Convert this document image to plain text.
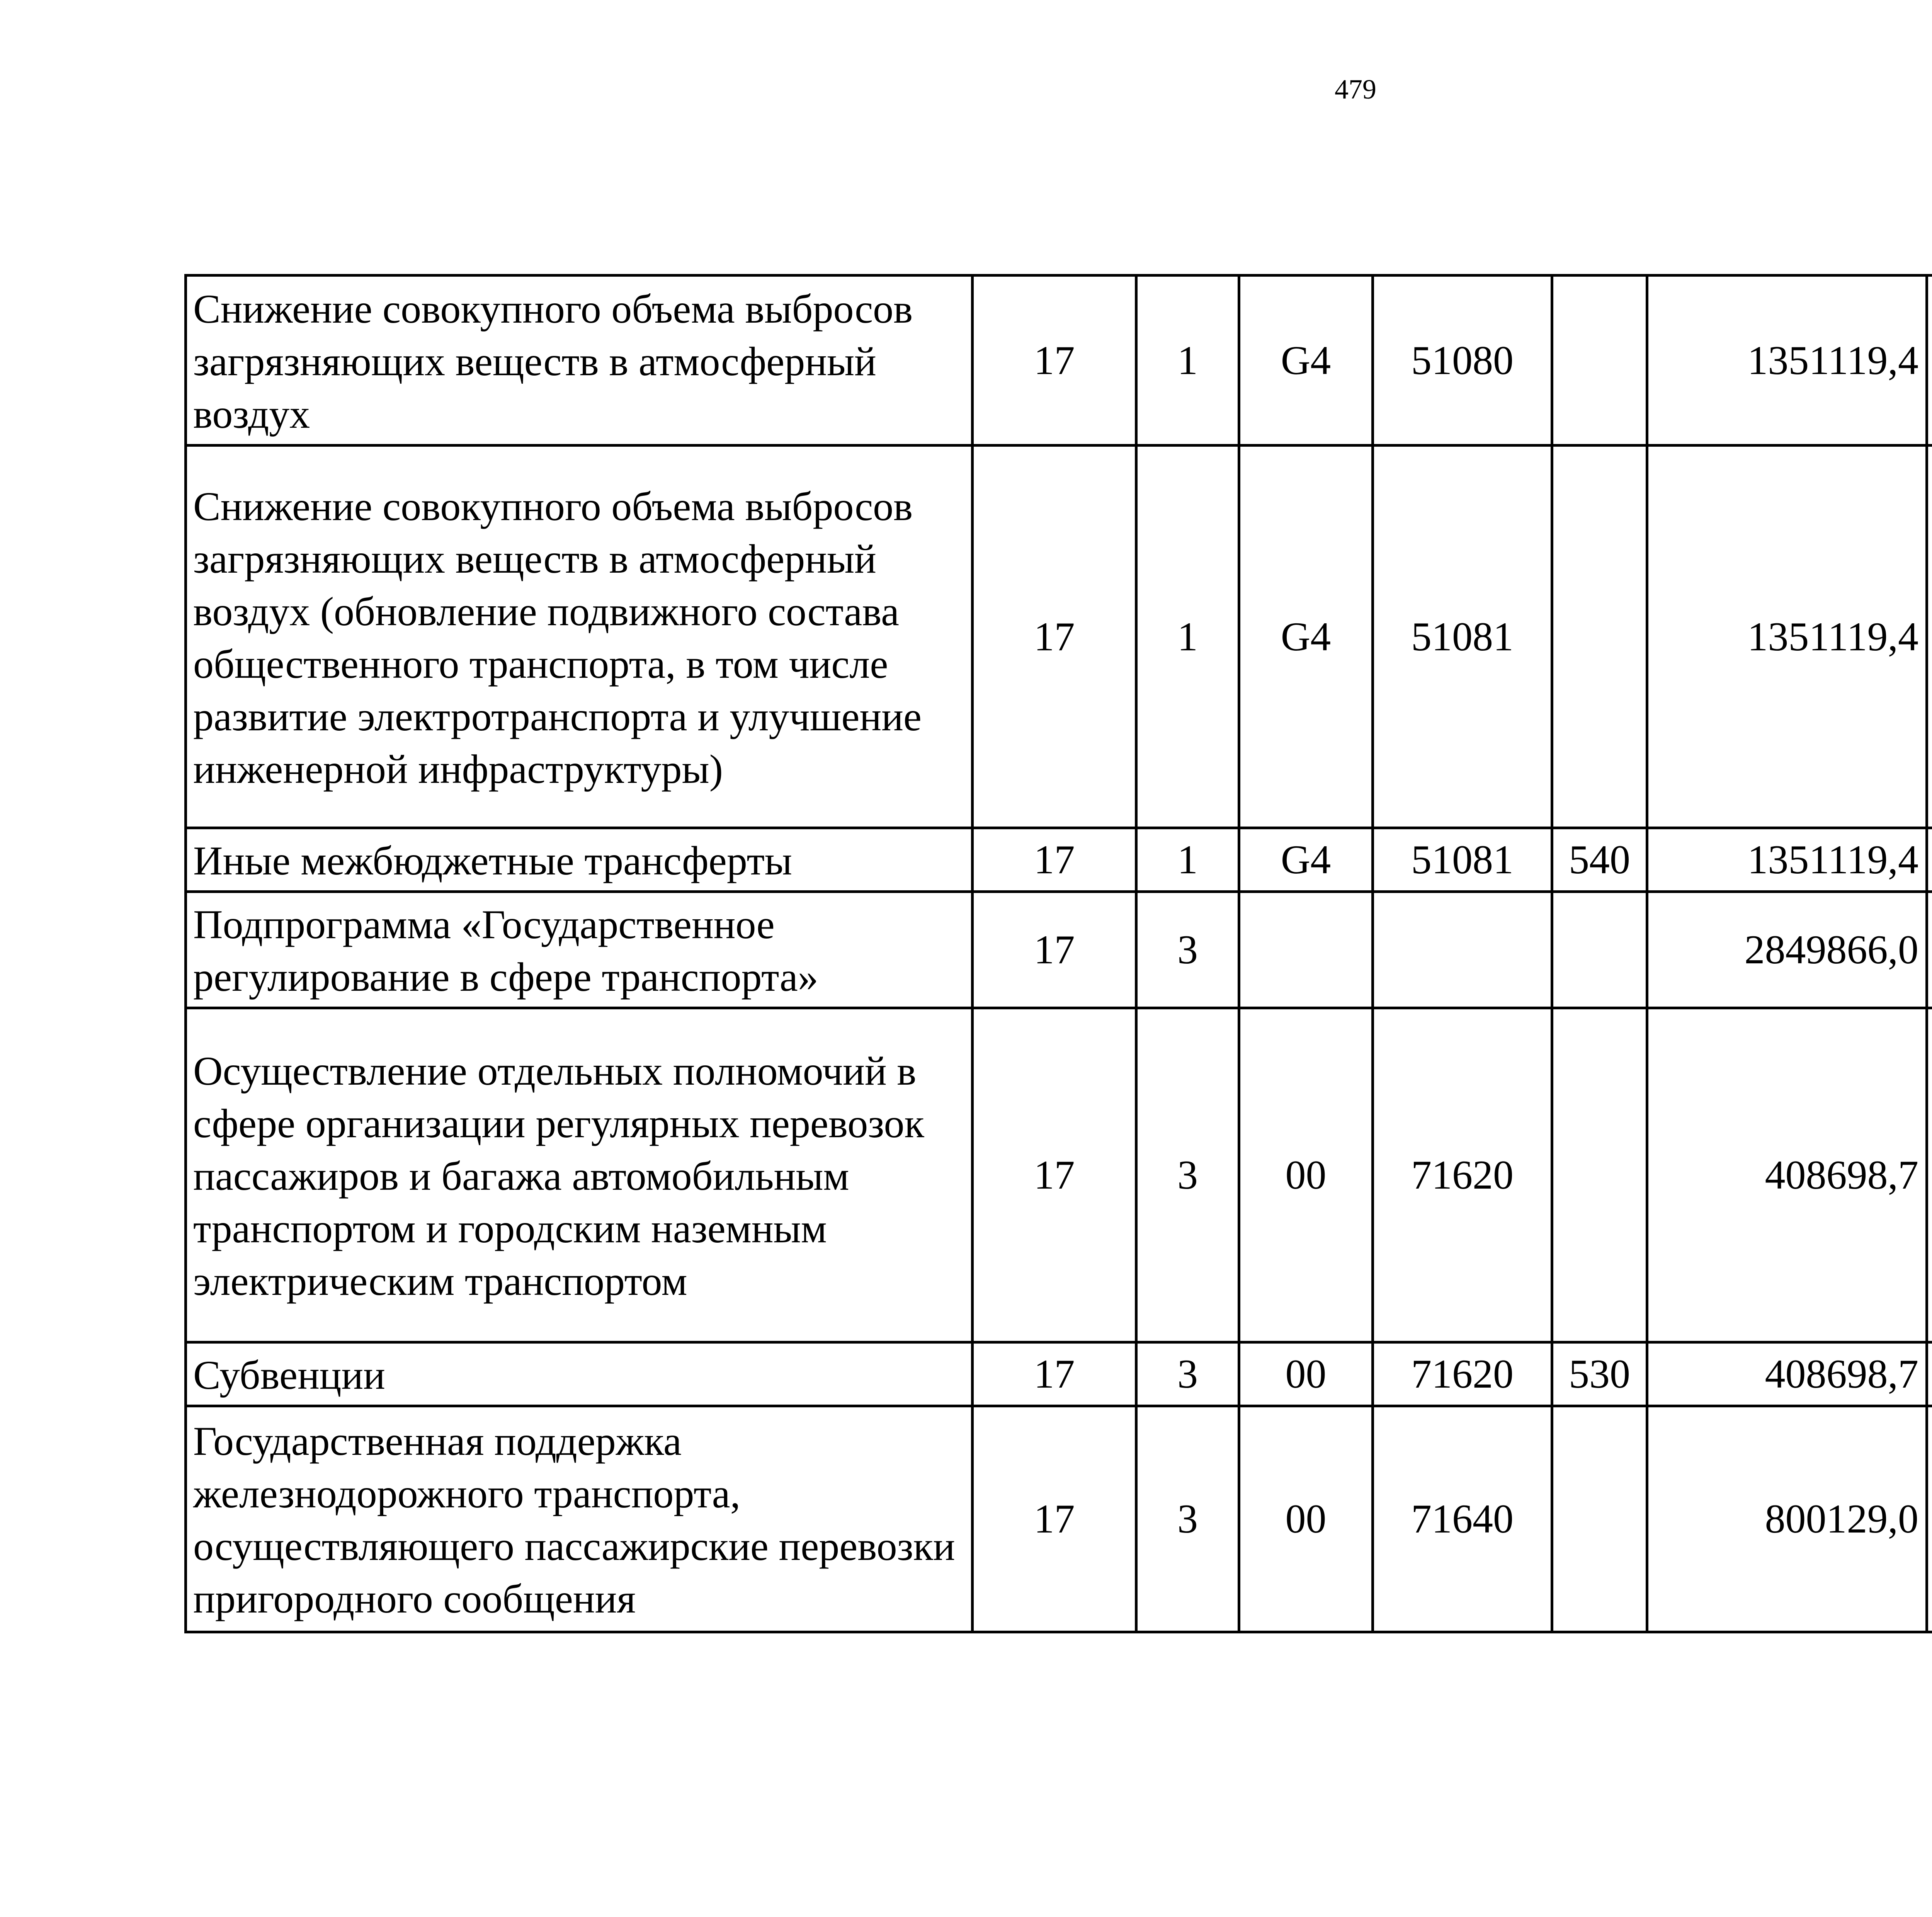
479
Снижение совокупного объема выбросов загрязняющих веществ в атмосферный воздух	17	1	G4	51080		1351119,4		
Снижение совокупного объема выбросов загрязняющих веществ в атмосферный воздух (обновление подвижного состава общественного транспорта, в том числе развитие электротранспорта и улучшение инженерной инфраструктуры)	17	1	G4	51081		1351119,4		
Иные межбюджетные трансферты	17	1	G4	51081	540	1351119,4		
Подпрограмма «Государственное регулирование в сфере транспорта»	17	3				2849866,0		
Осуществление отдельных полномочий в сфере организации регулярных перевозок пассажиров и багажа автомобильным транспортом и городским наземным электрическим транспортом	17	3	00	71620		408698,7		
Субвенции	17	3	00	71620	530	408698,7		
Государственная поддержка железнодорожного транспорта, осуществляющего пассажирские перевозки пригородного сообщения	17	3	00	71640		800129,0		
